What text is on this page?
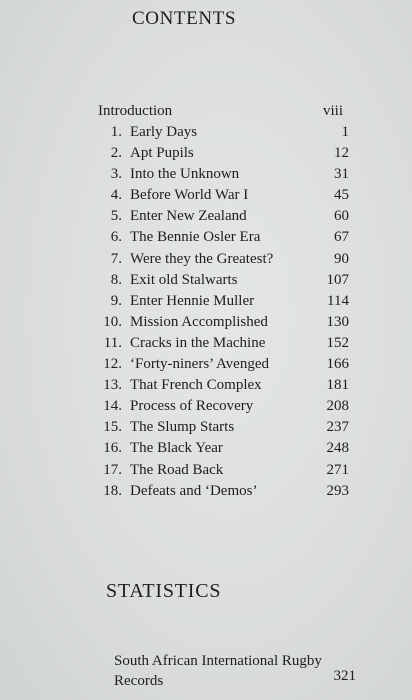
CONTENTS
Introduction	viii
1. Early Days	1
2. Apt Pupils	12
3. Into the Unknown	31
4. Before World War I	45
5. Enter New Zealand	60
6. The Bennie Osler Era	67
7. Were they the Greatest?	90
8. Exit old Stalwarts	107
9. Enter Hennie Muller	114
10. Mission Accomplished	130
11. Cracks in the Machine	152
12. ‘Forty-niners’ Avenged	166
13. That French Complex	181
14. Process of Recovery	208
15. The Slump Starts	237
16. The Black Year	248
17. The Road Back	271
18. Defeats and ‘Demos’	293
STATISTICS
South African International Rugby
Records	321
